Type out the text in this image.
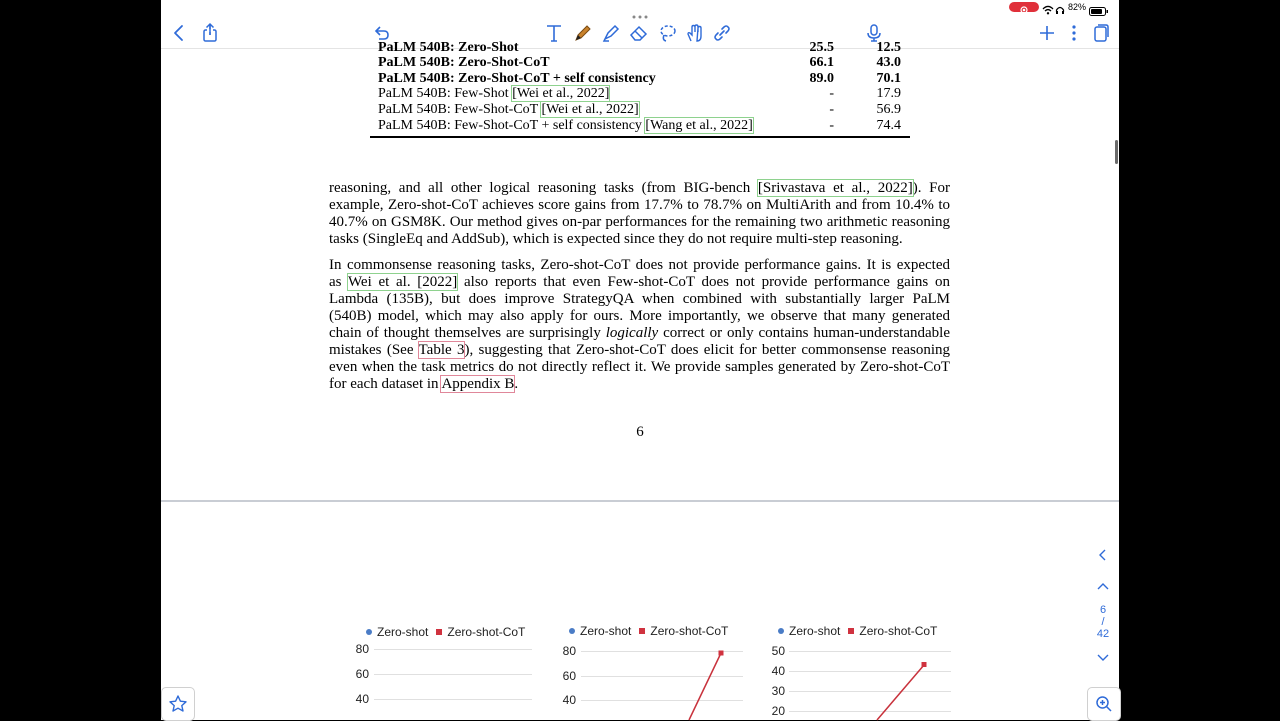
82%
PaLM 540B: Zero-Shot	25.5	12.5
PaLM 540B: Zero-Shot-CoT	66.1	43.0
PaLM 540B: Zero-Shot-CoT + self consistency	89.0	70.1
PaLM 540B: Few-Shot [Wei et al., 2022]	-	17.9
PaLM 540B: Few-Shot-CoT [Wei et al., 2022]	-	56.9
PaLM 540B: Few-Shot-CoT + self consistency [Wang et al., 2022]	-	74.4
reasoning, and all other logical reasoning tasks (from BIG-bench [Srivastava et al., 2022]). For
example, Zero-shot-CoT achieves score gains from 17.7% to 78.7% on MultiArith and from 10.4% to
40.7% on GSM8K. Our method gives on-par performances for the remaining two arithmetic reasoning
tasks (SingleEq and AddSub), which is expected since they do not require multi-step reasoning.
In commonsense reasoning tasks, Zero-shot-CoT does not provide performance gains. It is expected
as Wei et al. [2022] also reports that even Few-shot-CoT does not provide performance gains on
Lambda (135B), but does improve StrategyQA when combined with substantially larger PaLM
(540B) model, which may also apply for ours. More importantly, we observe that many generated
chain of thought themselves are surprisingly logically correct or only contains human-understandable
mistakes (See Table 3), suggesting that Zero-shot-CoT does elicit for better commonsense reasoning
even when the task metrics do not directly reflect it. We provide samples generated by Zero-shot-CoT
for each dataset in Appendix B.
6
Zero-shot Zero-shot-CoT
80
60
40
Zero-shot Zero-shot-CoT
80
60
40
Zero-shot Zero-shot-CoT
50
40
30
20
6
/
42
